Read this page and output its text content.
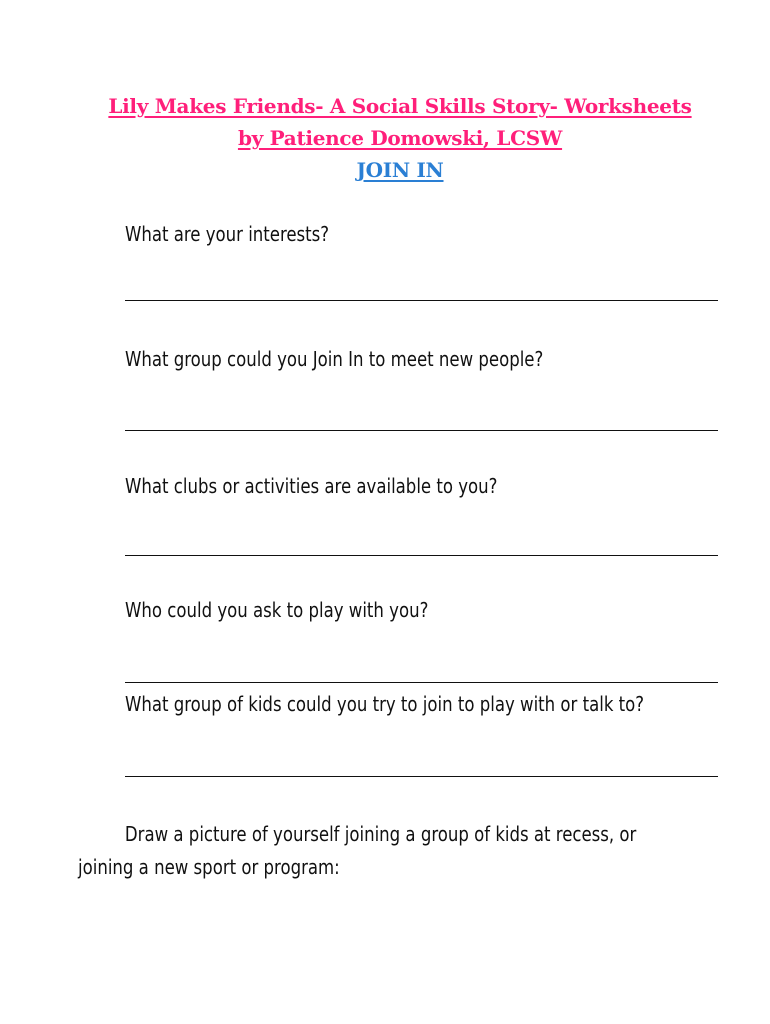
Lily Makes Friends- A Social Skills Story- Worksheets
by Patience Domowski, LCSW
JOIN IN
What are your interests?
What group could you Join In to meet new people?
What clubs or activities are available to you?
Who could you ask to play with you?
What group of kids could you try to join to play with or talk to?
Draw a picture of yourself joining a group of kids at recess, or
joining a new sport or program:
